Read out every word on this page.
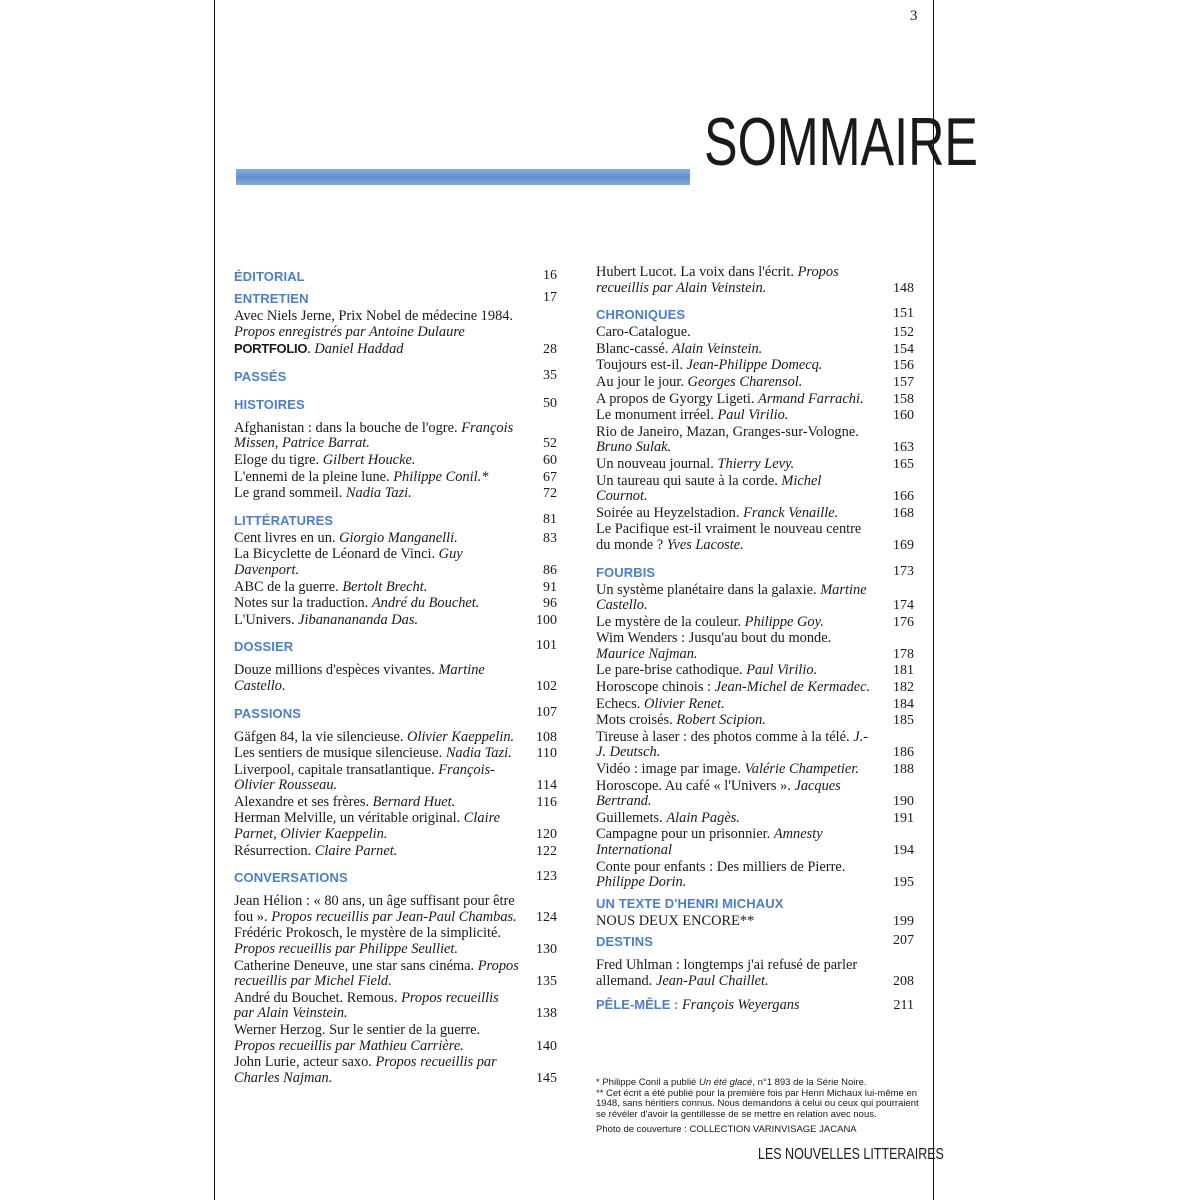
3
SOMMAIRE
ÉDITORIAL	16
ENTRETIEN	17
Avec Niels Jerne, Prix Nobel de médecine 1984. Propos enregistrés par Antoine Dulaure
PORTFOLIO. Daniel Haddad	28
PASSÉS	35
HISTOIRES	50
Afghanistan : dans la bouche de l'ogre. François Missen, Patrice Barrat.	52
Eloge du tigre. Gilbert Houcke.	60
L'ennemi de la pleine lune. Philippe Conil.*	67
Le grand sommeil. Nadia Tazi.	72
LITTÉRATURES	81
Cent livres en un. Giorgio Manganelli.	83
La Bicyclette de Léonard de Vinci. Guy Davenport.	86
ABC de la guerre. Bertolt Brecht.	91
Notes sur la traduction. André du Bouchet.	96
L'Univers. Jibananananda Das.	100
DOSSIER	101
Douze millions d'espèces vivantes. Martine Castello.	102
PASSIONS	107
Gäfgen 84, la vie silencieuse. Olivier Kaeppelin.	108
Les sentiers de musique silencieuse. Nadia Tazi.	110
Liverpool, capitale transatlantique. François-Olivier Rousseau.	114
Alexandre et ses frères. Bernard Huet.	116
Herman Melville, un véritable original. Claire Parnet, Olivier Kaeppelin.	120
Résurrection. Claire Parnet.	122
CONVERSATIONS	123
Jean Hélion : « 80 ans, un âge suffisant pour être fou ». Propos recueillis par Jean-Paul Chambas. 124
Frédéric Prokosch, le mystère de la simplicité. Propos recueillis par Philippe Seulliet.	130
Catherine Deneuve, une star sans cinéma. Propos recueillis par Michel Field.	135
André du Bouchet. Remous. Propos recueillis par Alain Veinstein.	138
Werner Herzog. Sur le sentier de la guerre. Propos recueillis par Mathieu Carrière.	140
John Lurie, acteur saxo. Propos recueillis par Charles Najman.	145
Hubert Lucot. La voix dans l'écrit. Propos recueillis par Alain Veinstein.	148
CHRONIQUES	151
Caro-Catalogue.	152
Blanc-cassé. Alain Veinstein.	154
Toujours est-il. Jean-Philippe Domecq.	156
Au jour le jour. Georges Charensol.	157
A propos de Gyorgy Ligeti. Armand Farrachi.	158
Le monument irréel. Paul Virilio.	160
Rio de Janeiro, Mazan, Granges-sur-Vologne. Bruno Sulak.	163
Un nouveau journal. Thierry Levy.	165
Un taureau qui saute à la corde. Michel Cournot.	166
Soirée au Heyzelstadion. Franck Venaille.	168
Le Pacifique est-il vraiment le nouveau centre du monde ? Yves Lacoste.	169
FOURBIS	173
Un système planétaire dans la galaxie. Martine Castello.	174
Le mystère de la couleur. Philippe Goy.	176
Wim Wenders : Jusqu'au bout du monde. Maurice Najman.	178
Le pare-brise cathodique. Paul Virilio.	181
Horoscope chinois : Jean-Michel de Kermadec.	182
Echecs. Olivier Renet.	184
Mots croisés. Robert Scipion.	185
Tireuse à laser : des photos comme à la télé. J.-J. Deutsch.	186
Vidéo : image par image. Valérie Champetier.	188
Horoscope. Au café « l'Univers ». Jacques Bertrand.	190
Guillemets. Alain Pagès.	191
Campagne pour un prisonnier. Amnesty International	194
Conte pour enfants : Des milliers de Pierre. Philippe Dorin.	195
UN TEXTE D'HENRI MICHAUX
NOUS DEUX ENCORE**	199
DESTINS	207
Fred Uhlman : longtemps j'ai refusé de parler allemand. Jean-Paul Chaillet.	208
PÊLE-MÊLE : François Weyergans	211
* Philippe Conil a publié Un été glacé, n°1 893 de la Série Noire.
** Cet écrit a été publié pour la première fois par Henri Michaux lui-même en 1948, sans héritiers connus. Nous demandons à celui ou ceux qui pourraient se révéler d'avoir la gentillesse de se mettre en relation avec nous.
Photo de couverture : COLLECTION VARINVISAGE JACANA
LES NOUVELLES LITTERAIRES
